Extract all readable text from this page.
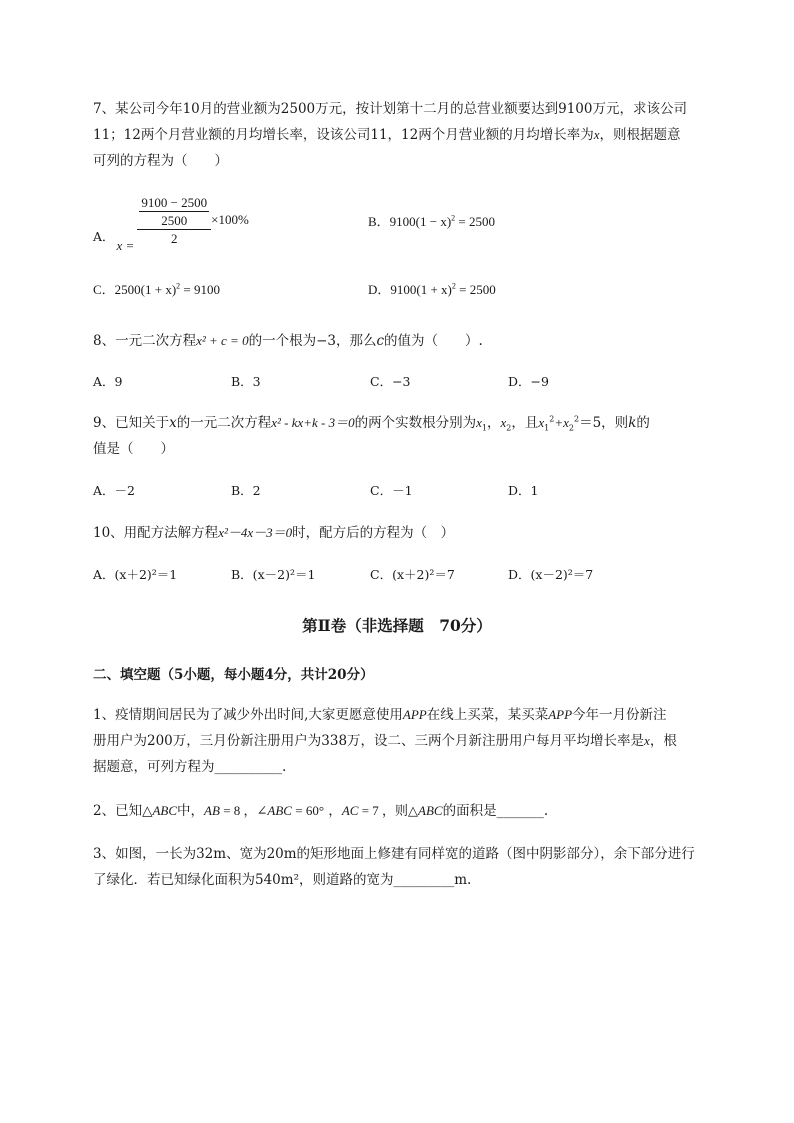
7、某公司今年10月的营业额为2500万元，按计划第十二月的总营业额要达到9100万元，求该公司
11；12两个月营业额的月均增长率，设该公司11，12两个月营业额的月均增长率为x，则根据题意
可列的方程为（　　）
A．$x = \frac{\frac{9100 - 2500}{2500}}{2} \times 100\%$	B．$9100(1 - x)^2 = 2500$
C．$2500(1 + x)^2 = 9100$	D．$9100(1 + x)^2 = 2500$
8、一元二次方程x² + c = 0的一个根为−3，那么c的值为（　　）.
A．9	B．3	C．−3	D．−9
9、已知关于x的一元二次方程x² - kx+k - 3＝0的两个实数根分别为$x_1$，$x_2$，且$x_1^2+x_2^2=5$，则k的
值是（　　）
A．－2	B．2	C．－1	D．1
10、用配方法解方程x²－4x－3＝0时，配方后的方程为（　）
A．(x＋2)²＝1	B．(x－2)²＝1	C．(x＋2)²＝7	D．(x－2)²＝7
第Ⅱ卷（非选择题　70分）
二、填空题（5小题，每小题4分，共计20分）
1、疫情期间居民为了减少外出时间,大家更愿意使用APP在线上买菜，某买菜APP今年一月份新注
册用户为200万，三月份新注册用户为338万，设二、三两个月新注册用户每月平均增长率是x，根
据题意，可列方程为__________.
2、已知△ABC中，AB = 8 ，∠ABC = 60° ，AC = 7 ，则△ABC的面积是_______.
3、如图，一长为32m、宽为20m的矩形地面上修建有同样宽的道路（图中阴影部分），余下部分进行
了绿化．若已知绿化面积为540m²，则道路的宽为_________m.
